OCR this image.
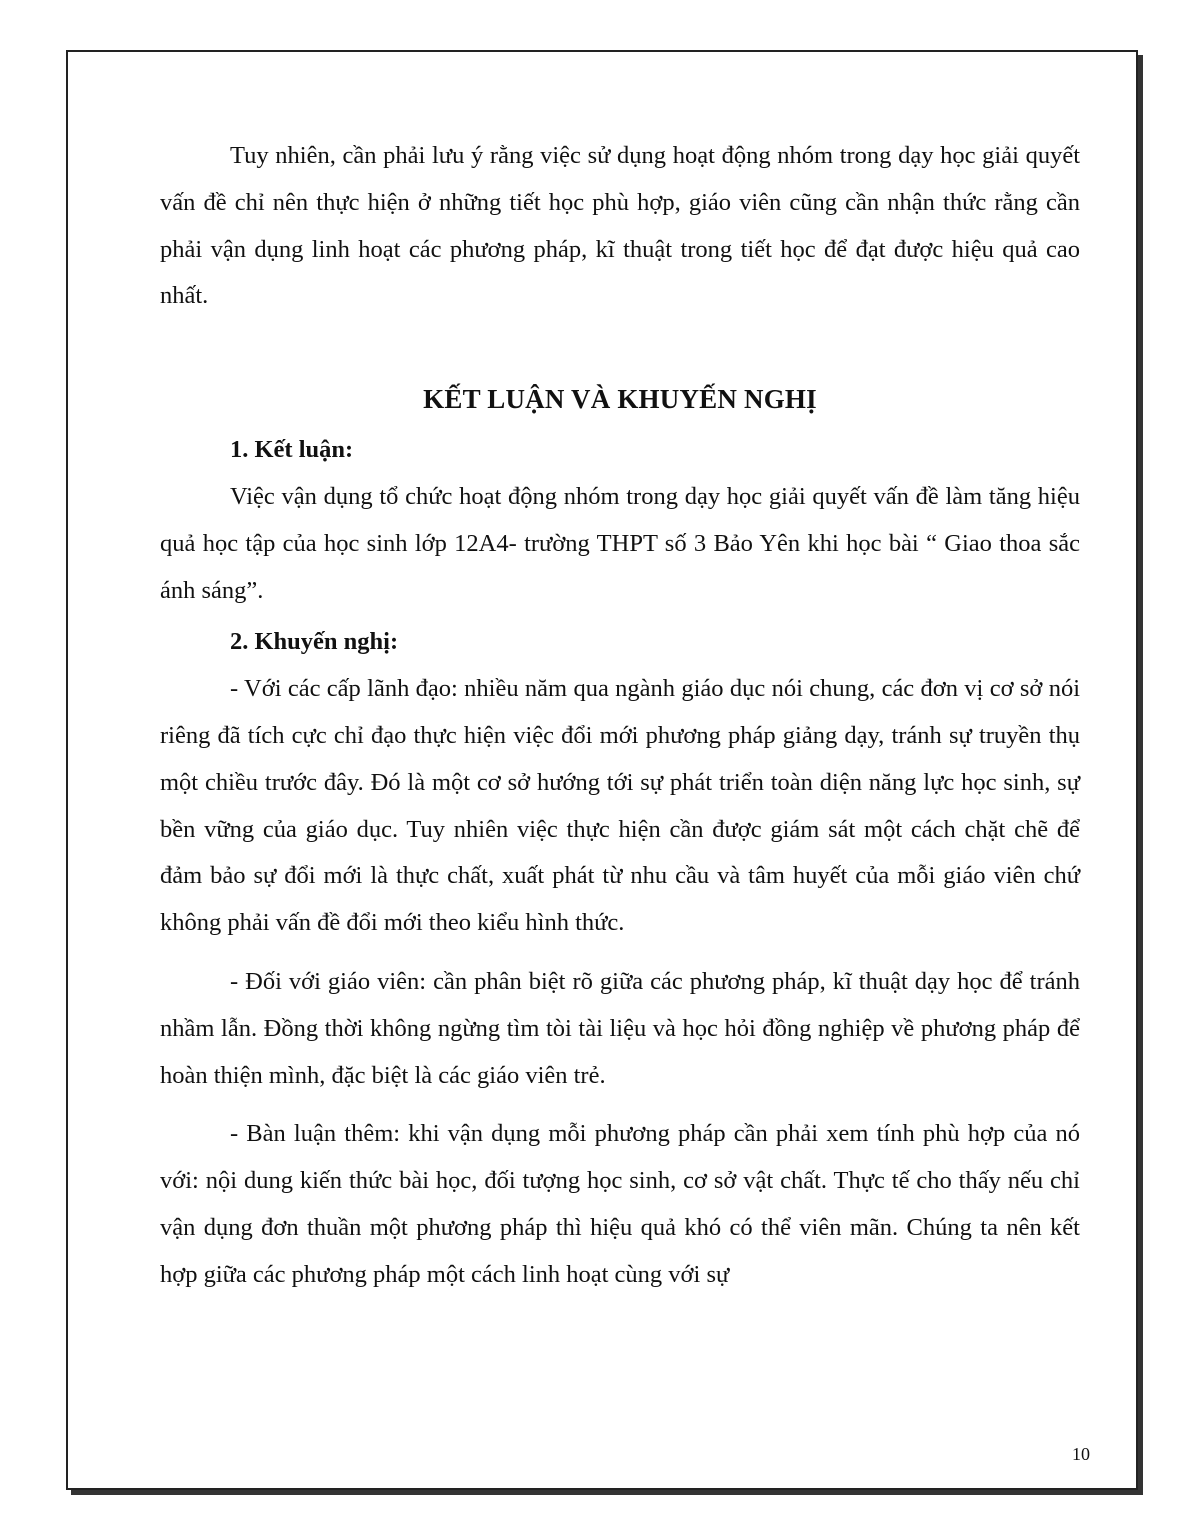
Tuy nhiên, cần phải lưu ý rằng việc sử dụng hoạt động nhóm trong dạy học giải quyết vấn đề chỉ nên thực hiện ở những tiết học phù hợp, giáo viên cũng cần nhận thức rằng cần phải vận dụng linh hoạt các phương pháp, kĩ thuật trong tiết học để đạt được hiệu quả cao nhất.

KẾT LUẬN VÀ KHUYẾN NGHỊ

1. Kết luận:

Việc vận dụng tổ chức hoạt động nhóm trong dạy học giải quyết vấn đề làm tăng hiệu quả học tập của học sinh lớp 12A4- trường THPT số 3 Bảo Yên khi học bài “ Giao thoa sắc ánh sáng”.

2. Khuyến nghị:

- Với các cấp lãnh đạo: nhiều năm qua ngành giáo dục nói chung, các đơn vị cơ sở nói riêng đã tích cực chỉ đạo thực hiện việc đổi mới phương pháp giảng dạy, tránh sự truyền thụ một chiều trước đây. Đó là một cơ sở hướng tới sự phát triển toàn diện năng lực học sinh, sự bền vững của giáo dục. Tuy nhiên việc thực hiện cần được giám sát một cách chặt chẽ để đảm bảo sự đổi mới là thực chất, xuất phát từ nhu cầu và tâm huyết của mỗi giáo viên chứ không phải vấn đề đổi mới theo kiểu hình thức.

- Đối với giáo viên: cần phân biệt rõ giữa các phương pháp, kĩ thuật dạy học để tránh nhầm lẫn. Đồng thời không ngừng tìm tòi tài liệu và học hỏi đồng nghiệp về phương pháp để hoàn thiện mình, đặc biệt là các giáo viên trẻ.

- Bàn luận thêm: khi vận dụng mỗi phương pháp cần phải xem tính phù hợp của nó với: nội dung kiến thức bài học, đối tượng học sinh, cơ sở vật chất. Thực tế cho thấy nếu chỉ vận dụng đơn thuần một phương pháp thì hiệu quả khó có thể viên mãn. Chúng ta nên kết hợp giữa các phương pháp một cách linh hoạt cùng với sự

10
